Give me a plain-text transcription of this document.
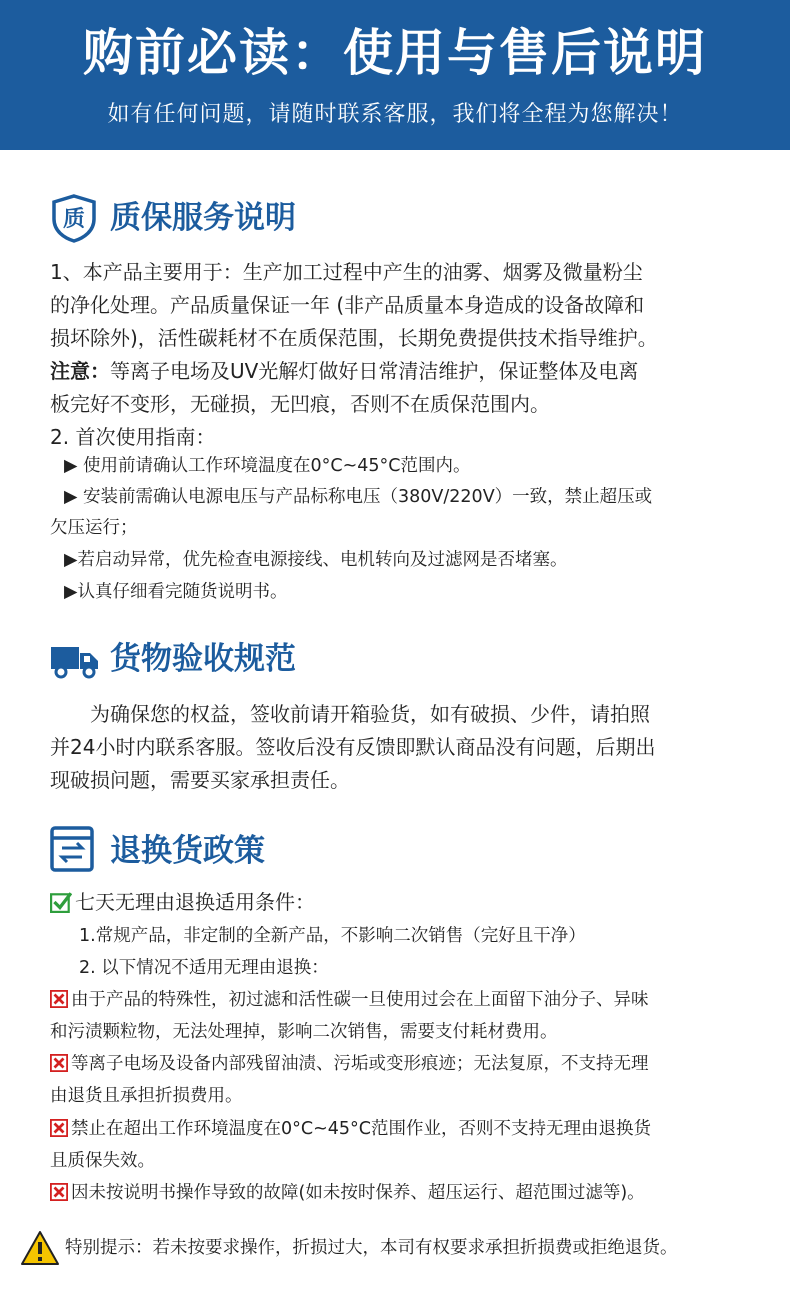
购前必读：使用与售后说明
如有任何问题，请随时联系客服，我们将全程为您解决！
质 质保服务说明
1、本产品主要用于：生产加工过程中产生的油雾、烟雾及微量粉尘
的净化处理。产品质量保证一年 (非产品质量本身造成的设备故障和
损坏除外)，活性碳耗材不在质保范围，长期免费提供技术指导维护。
注意：等离子电场及UV光解灯做好日常清洁维护，保证整体及电离
板完好不变形，无碰损，无凹痕，否则不在质保范围内。
2. 首次使用指南：
▶ 使用前请确认工作环境温度在0°C~45°C范围内。
▶ 安装前需确认电源电压与产品标称电压（380V/220V）一致，禁止超压或
欠压运行；
▶若启动异常，优先检查电源接线、电机转向及过滤网是否堵塞。
▶认真仔细看完随货说明书。
货物验收规范
　　为确保您的权益，签收前请开箱验货，如有破损、少件，请拍照
并24小时内联系客服。签收后没有反馈即默认商品没有问题，后期出
现破损问题，需要买家承担责任。
退换货政策
七天无理由退换适用条件：
1.常规产品，非定制的全新产品，不影响二次销售（完好且干净）
2. 以下情况不适用无理由退换：
由于产品的特殊性，初过滤和活性碳一旦使用过会在上面留下油分子、异味
和污渍颗粒物，无法处理掉，影响二次销售，需要支付耗材费用。
等离子电场及设备内部残留油渍、污垢或变形痕迹；无法复原，不支持无理
由退货且承担折损费用。
禁止在超出工作环境温度在0°C~45°C范围作业，否则不支持无理由退换货
且质保失效。
因未按说明书操作导致的故障(如未按时保养、超压运行、超范围过滤等)。
特别提示：若未按要求操作，折损过大，本司有权要求承担折损费或拒绝退货。
